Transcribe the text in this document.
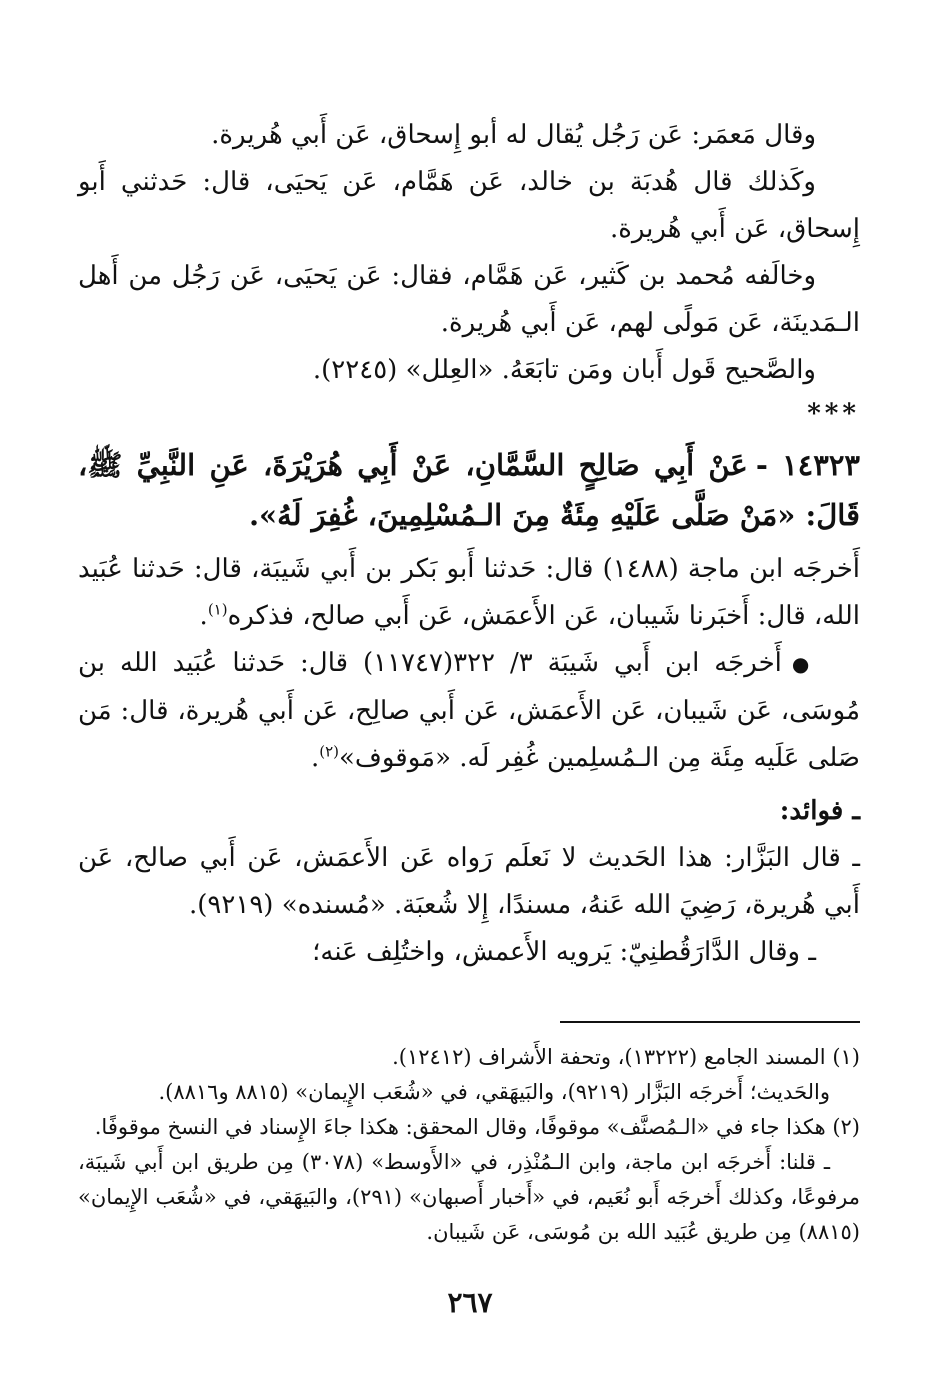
وقال مَعمَر: عَن رَجُل يُقال له أبو إِسحاق، عَن أَبي هُريرة.

وكَذلك قال هُدبَة بن خالد، عَن هَمَّام، عَن يَحيَى، قال: حَدثني أَبو إِسحاق، عَن أَبي هُريرة.

وخالَفه مُحمد بن كَثير، عَن هَمَّام، فقال: عَن يَحيَى، عَن رَجُل من أَهل الـمَدينَة، عَن مَولًى لهم، عَن أَبي هُريرة.

والصَّحيح قَول أَبان ومَن تابَعَهُ. «العِلل» (٢٢٤٥).

***

١٤٣٢٣ -عَنْ أَبِي صَالِحٍ السَّمَّانِ، عَنْ أَبِي هُرَيْرَةَ، عَنِ النَّبِيِّ ﷺ، قَالَ: «مَنْ صَلَّى عَلَيْهِ مِئَةٌ مِنَ الـمُسْلِمِينَ، غُفِرَ لَهُ».

أَخرجَه ابن ماجة (١٤٨٨) قال: حَدثنا أَبو بَكر بن أَبي شَيبَة، قال: حَدثنا عُبَيد الله، قال: أَخبَرنا شَيبان، عَن الأَعمَش، عَن أَبي صالح، فذكره$^{(١)}$.

●أَخرجَه ابن أَبي شَيبَة ٣/ ٣٢٢(١١٧٤٧) قال: حَدثنا عُبَيد الله بن مُوسَى، عَن شَيبان، عَن الأَعمَش، عَن أَبي صالِح، عَن أَبي هُريرة، قال: مَن صَلى عَلَيه مِئَة مِن الـمُسلِمين غُفِر لَه. «مَوقوف»$^{(٢)}$.

ـ فوائد:

ـ قال البَزَّار: هذا الحَديث لا نَعلَم رَواه عَن الأَعمَش، عَن أَبي صالح، عَن أَبي هُريرة، رَضِيَ الله عَنهُ، مسندًا، إِلا شُعبَة. «مُسنده» (٩٢١٩).

ـ وقال الدَّارَقُطنِيّ: يَرويه الأَعمش، واختُلِف عَنه؛

(١) المسند الجامع (١٣٢٢٢)، وتحفة الأَشراف (١٢٤١٢).

والحَديث؛ أَخرجَه البَزَّار (٩٢١٩)، والبَيهَقي، في «شُعَب الإِيمان» (٨٨١٥ و٨٨١٦).

(٢) هكذا جاء في «الـمُصنَّف» موقوفًا، وقال المحقق: هكذا جاءَ الإِسناد في النسخ موقوفًا.

ـ قلنا: أَخرجَه ابن ماجة، وابن الـمُنْذِر، في «الأَوسط» (٣٠٧٨) مِن طريق ابن أَبي شَيبَة، مرفوعًا، وكذلك أَخرجَه أَبو نُعَيم، في «أَخبار أَصبهان» (٢٩١)، والبَيهَقي، في «شُعَب الإِيمان» (٨٨١٥) مِن طريق عُبَيد الله بن مُوسَى، عَن شَيبان.

٢٦٧
